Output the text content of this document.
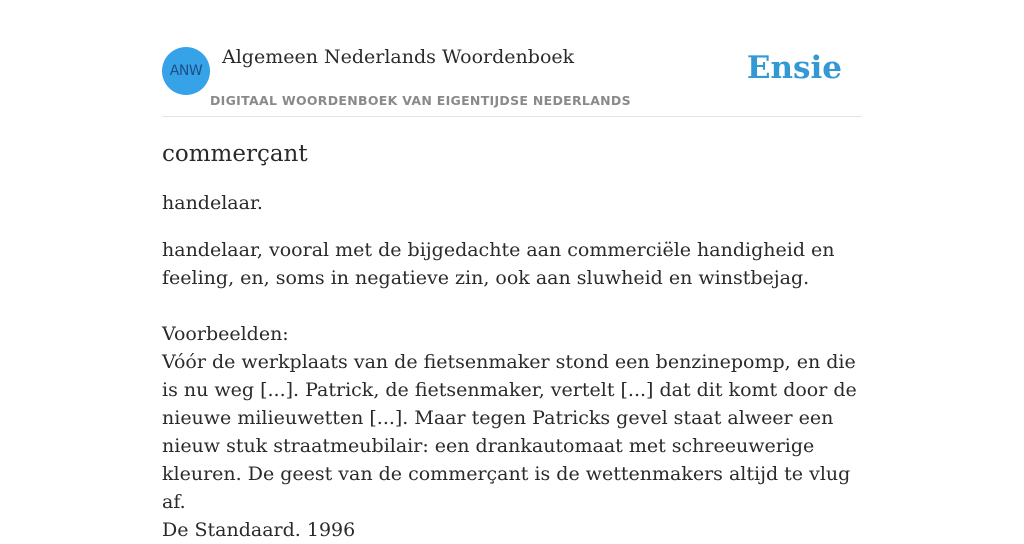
ANW
Algemeen Nederlands Woordenboek
DIGITAAL WOORDENBOEK VAN EIGENTIJDSE NEDERLANDS
Ensie
commerçant

handelaar.

handelaar, vooral met de bijgedachte aan commerciële handigheid en feeling, en, soms in negatieve zin, ook aan sluwheid en winstbejag.

Voorbeelden:

Vóór de werkplaats van de fietsenmaker stond een benzinepomp, en die is nu weg [...]. Patrick, de fietsenmaker, vertelt [...] dat dit komt door de nieuwe milieuwetten [...]. Maar tegen Patricks gevel staat alweer een nieuw stuk straatmeubilair: een drankautomaat met schreeuwerige kleuren. De geest van de commerçant is de wettenmakers altijd te vlug af.

De Standaard. 1996
